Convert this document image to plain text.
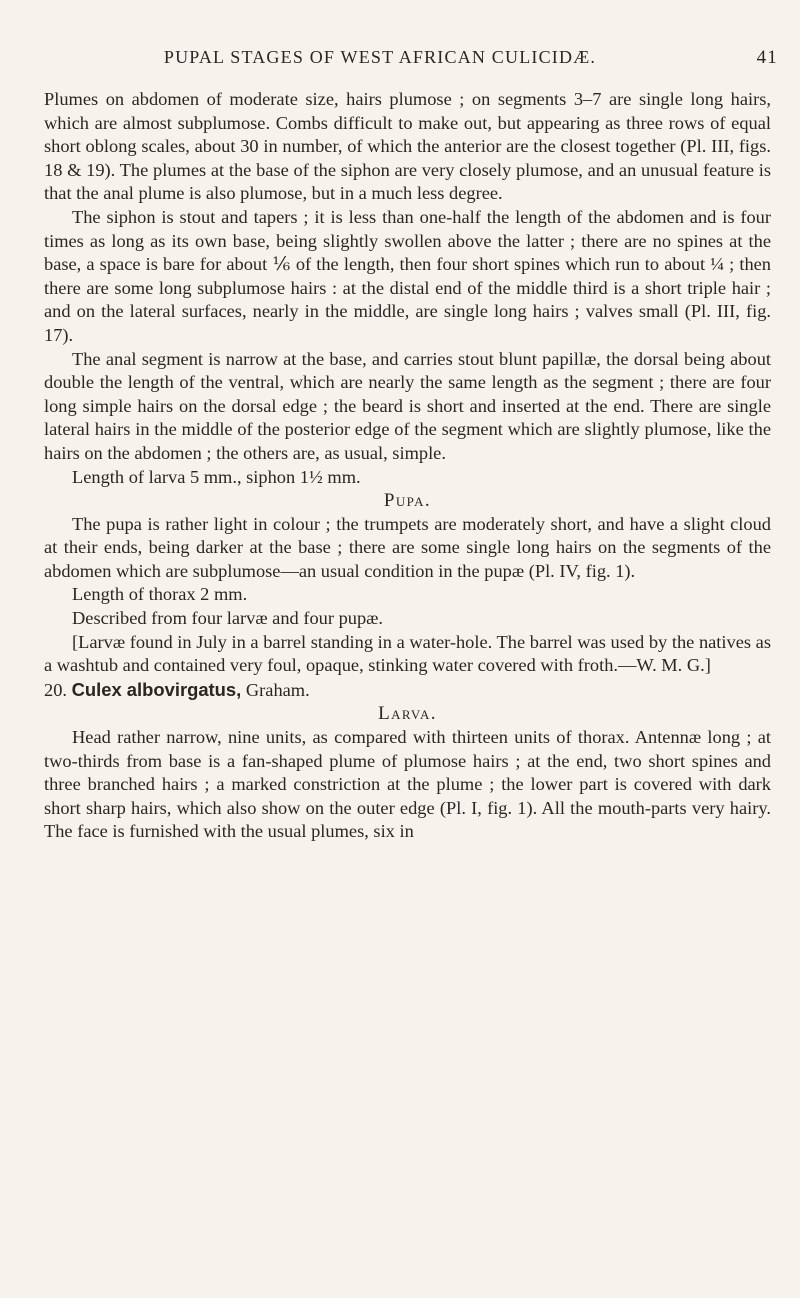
PUPAL STAGES OF WEST AFRICAN CULICIDÆ.	41

Plumes on abdomen of moderate size, hairs plumose ; on segments 3–7 are single long hairs, which are almost subplumose. Combs difficult to make out, but appearing as three rows of equal short oblong scales, about 30 in number, of which the anterior are the closest together (Pl. III, figs. 18 & 19). The plumes at the base of the siphon are very closely plumose, and an unusual feature is that the anal plume is also plumose, but in a much less degree.

The siphon is stout and tapers ; it is less than one-half the length of the abdomen and is four times as long as its own base, being slightly swollen above the latter ; there are no spines at the base, a space is bare for about ⅙ of the length, then four short spines which run to about ¼ ; then there are some long subplumose hairs : at the distal end of the middle third is a short triple hair ; and on the lateral surfaces, nearly in the middle, are single long hairs ; valves small (Pl. III, fig. 17).

The anal segment is narrow at the base, and carries stout blunt papillæ, the dorsal being about double the length of the ventral, which are nearly the same length as the segment ; there are four long simple hairs on the dorsal edge ; the beard is short and inserted at the end. There are single lateral hairs in the middle of the posterior edge of the segment which are slightly plumose, like the hairs on the abdomen ; the others are, as usual, simple.

Length of larva 5 mm., siphon 1½ mm.

Pupa.

The pupa is rather light in colour ; the trumpets are moderately short, and have a slight cloud at their ends, being darker at the base ; there are some single long hairs on the segments of the abdomen which are subplumose—an usual condition in the pupæ (Pl. IV, fig. 1).

Length of thorax 2 mm.

Described from four larvæ and four pupæ.

[Larvæ found in July in a barrel standing in a water-hole. The barrel was used by the natives as a washtub and contained very foul, opaque, stinking water covered with froth.—W. M. G.]

20. Culex albovirgatus, Graham.

Larva.

Head rather narrow, nine units, as compared with thirteen units of thorax. Antennæ long ; at two-thirds from base is a fan-shaped plume of plumose hairs ; at the end, two short spines and three branched hairs ; a marked constriction at the plume ; the lower part is covered with dark short sharp hairs, which also show on the outer edge (Pl. I, fig. 1). All the mouth-parts very hairy. The face is furnished with the usual plumes, six in
